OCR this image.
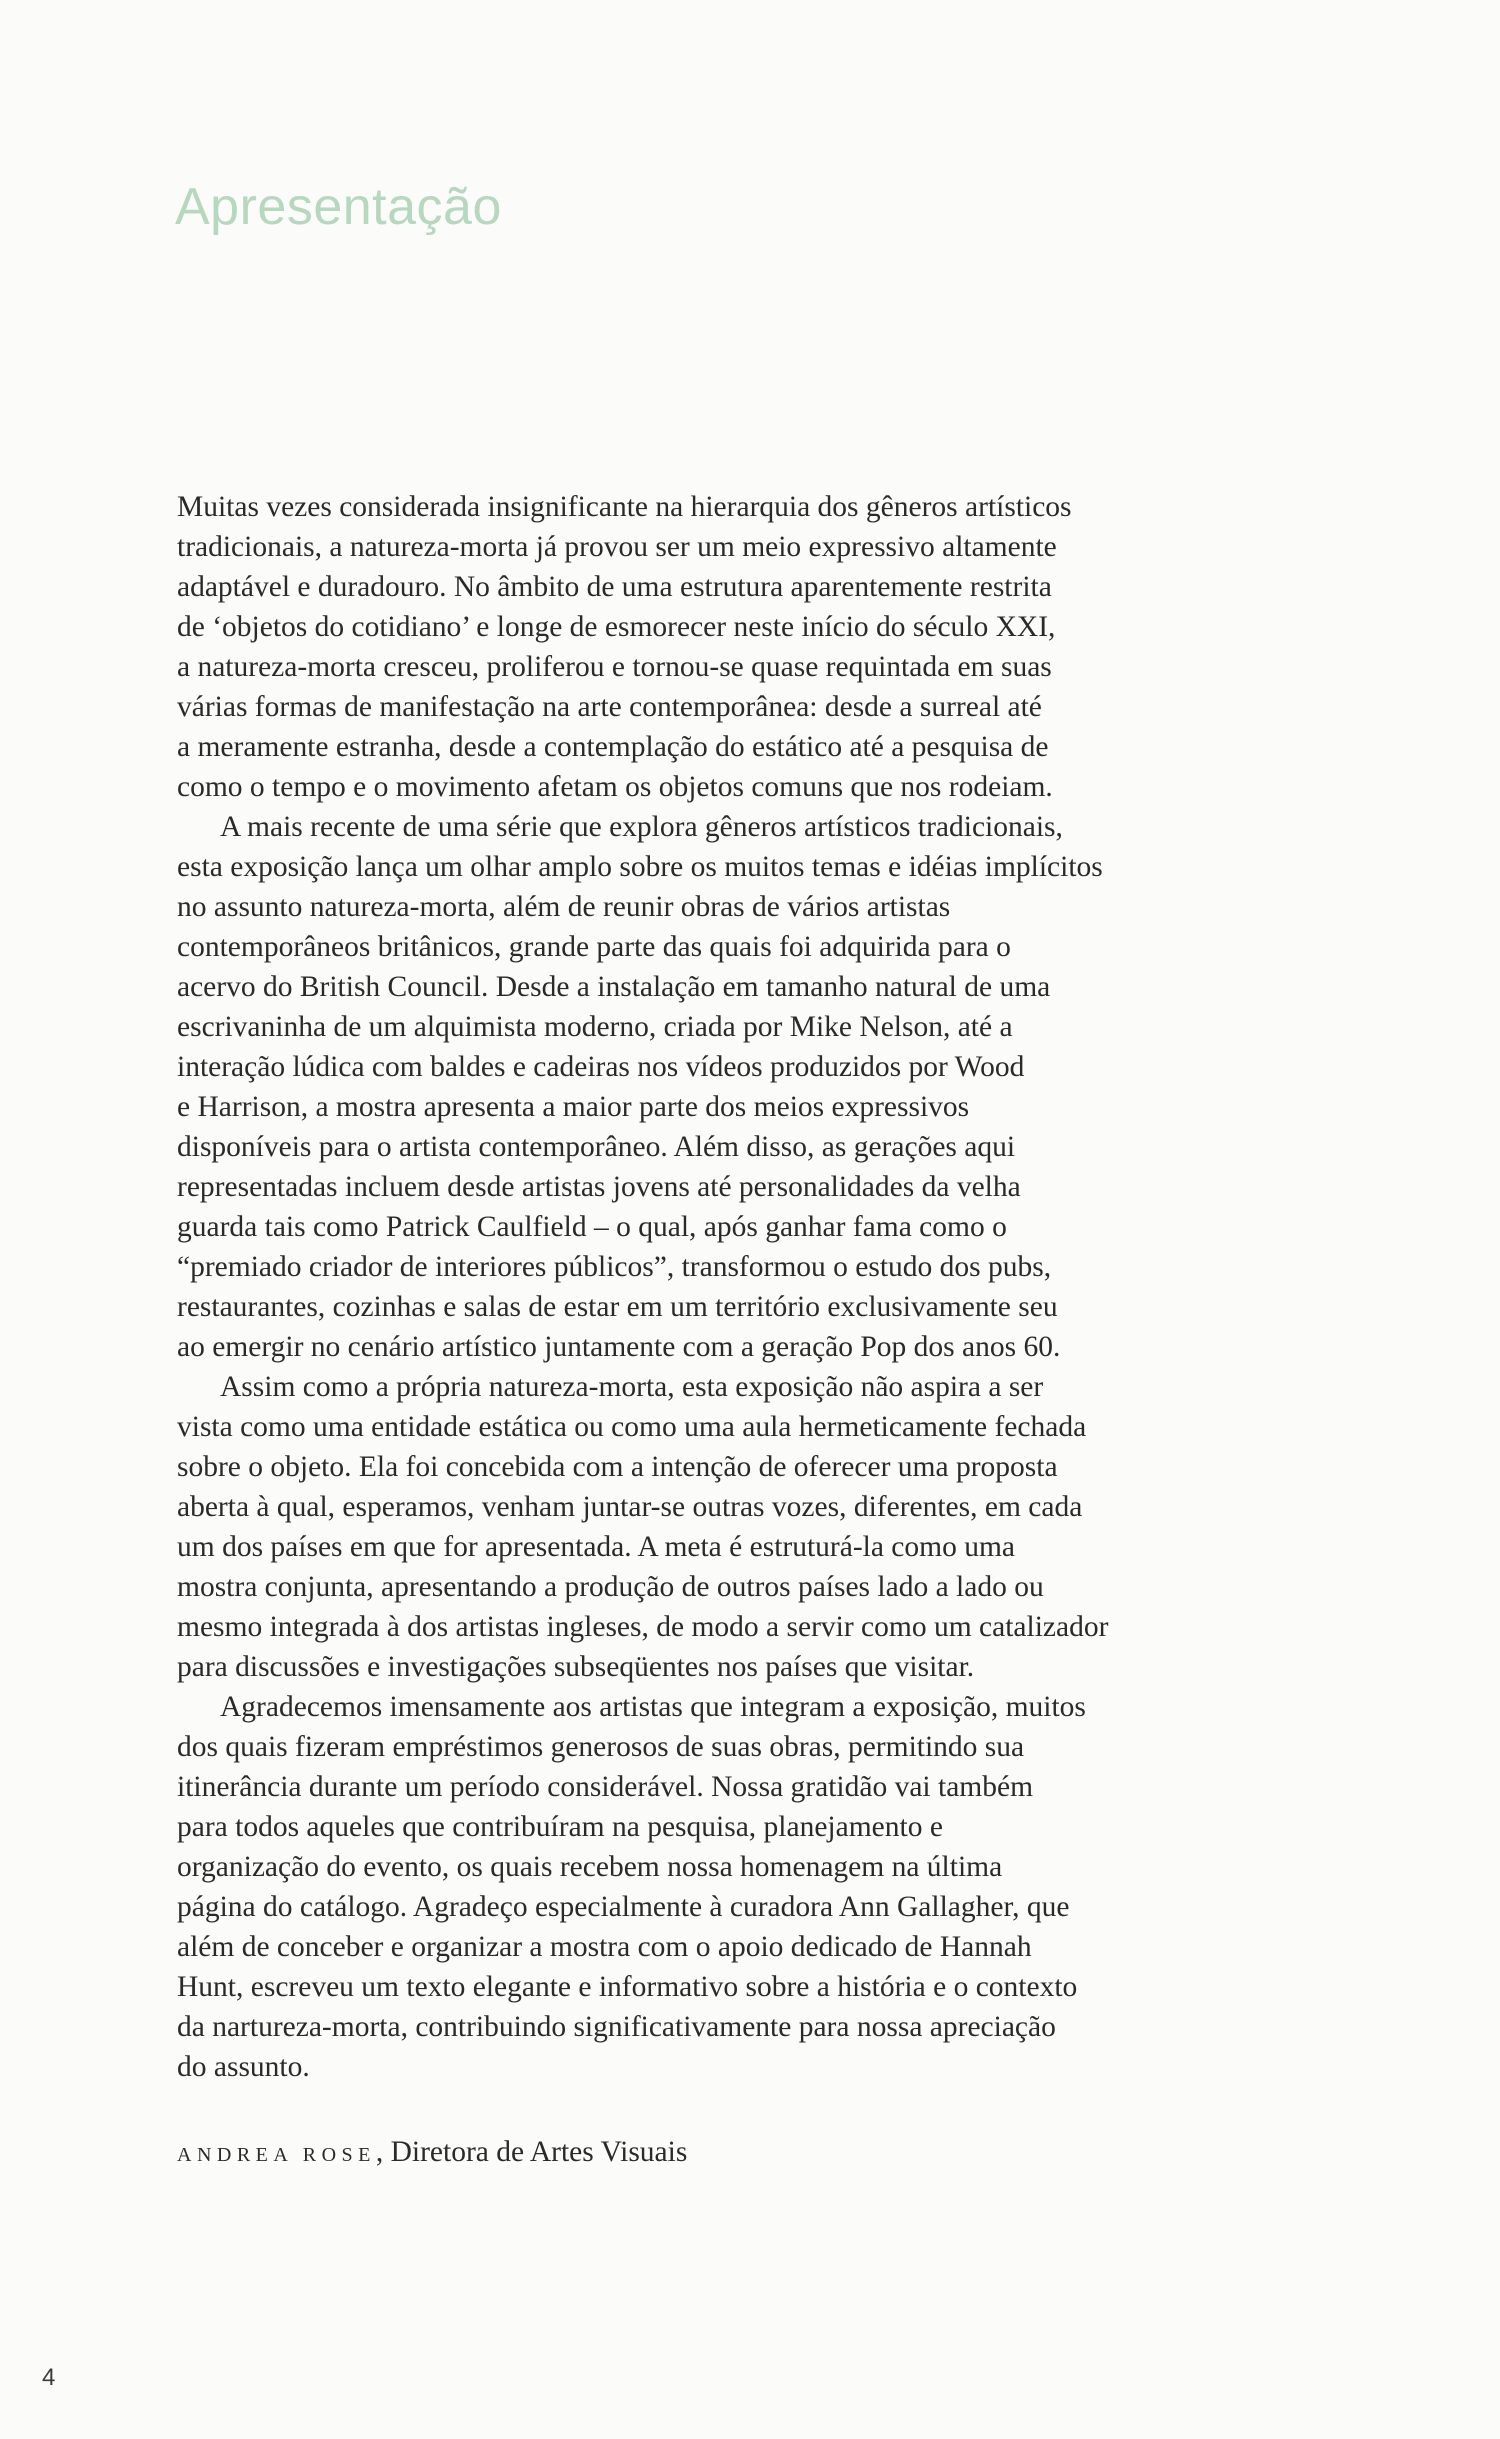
Apresentação

Muitas vezes considerada insignificante na hierarquia dos gêneros artísticos

tradicionais, a natureza-morta já provou ser um meio expressivo altamente

adaptável e duradouro. No âmbito de uma estrutura aparentemente restrita

de ‘objetos do cotidiano’ e longe de esmorecer neste início do século XXI,

a natureza-morta cresceu, proliferou e tornou-se quase requintada em suas

várias formas de manifestação na arte contemporânea: desde a surreal até

a meramente estranha, desde a contemplação do estático até a pesquisa de

como o tempo e o movimento afetam os objetos comuns que nos rodeiam.

A mais recente de uma série que explora gêneros artísticos tradicionais,

esta exposição lança um olhar amplo sobre os muitos temas e idéias implícitos

no assunto natureza-morta, além de reunir obras de vários artistas

contemporâneos britânicos, grande parte das quais foi adquirida para o

acervo do British Council. Desde a instalação em tamanho natural de uma

escrivaninha de um alquimista moderno, criada por Mike Nelson, até a

interação lúdica com baldes e cadeiras nos vídeos produzidos por Wood

e Harrison, a mostra apresenta a maior parte dos meios expressivos

disponíveis para o artista contemporâneo. Além disso, as gerações aqui

representadas incluem desde artistas jovens até personalidades da velha

guarda tais como Patrick Caulfield – o qual, após ganhar fama como o

“premiado criador de interiores públicos”, transformou o estudo dos pubs,

restaurantes, cozinhas e salas de estar em um território exclusivamente seu

ao emergir no cenário artístico juntamente com a geração Pop dos anos 60.

Assim como a própria natureza-morta, esta exposição não aspira a ser

vista como uma entidade estática ou como uma aula hermeticamente fechada

sobre o objeto. Ela foi concebida com a intenção de oferecer uma proposta

aberta à qual, esperamos, venham juntar-se outras vozes, diferentes, em cada

um dos países em que for apresentada. A meta é estruturá-la como uma

mostra conjunta, apresentando a produção de outros países lado a lado ou

mesmo integrada à dos artistas ingleses, de modo a servir como um catalizador

para discussões e investigações subseqüentes nos países que visitar.

Agradecemos imensamente aos artistas que integram a exposição, muitos

dos quais fizeram empréstimos generosos de suas obras, permitindo sua

itinerância durante um período considerável. Nossa gratidão vai também

para todos aqueles que contribuíram na pesquisa, planejamento e

organização do evento, os quais recebem nossa homenagem na última

página do catálogo. Agradeço especialmente à curadora Ann Gallagher, que

além de conceber e organizar a mostra com o apoio dedicado de Hannah

Hunt, escreveu um texto elegante e informativo sobre a história e o contexto

da nartureza-morta, contribuindo significativamente para nossa apreciação

do assunto.

ANDREA ROSE, Diretora de Artes Visuais
4
